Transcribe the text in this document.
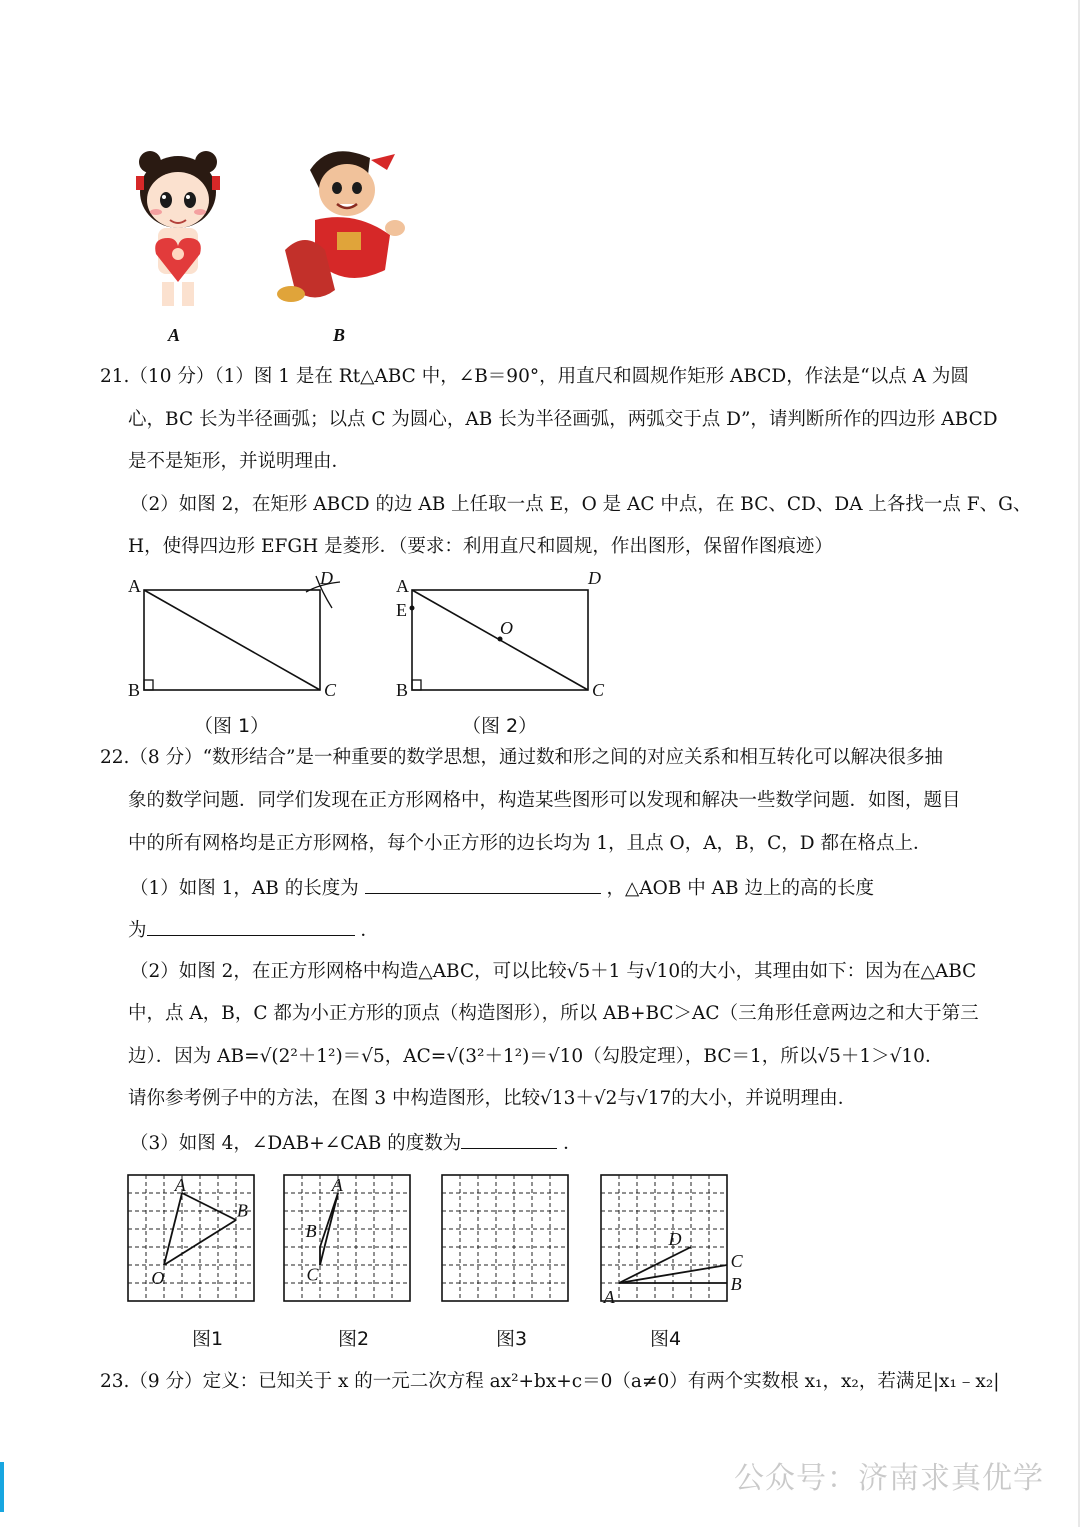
A	B
21.（10 分）（1）图 1 是在 Rt△ABC 中，∠B＝90°，用直尺和圆规作矩形 ABCD，作法是“以点 A 为圆
心，BC 长为半径画弧；以点 C 为圆心，AB 长为半径画弧，两弧交于点 D”，请判断所作的四边形 ABCD
是不是矩形，并说明理由．
（2）如图 2，在矩形 ABCD 的边 AB 上任取一点 E，O 是 AC 中点，在 BC、CD、DA 上各找一点 F、G、
H，使得四边形 EFGH 是菱形．（要求：利用直尺和圆规，作出图形，保留作图痕迹）
A
B	C
D
（图 1）
A
B	C
D
E
O
（图 2）
22.（8 分）“数形结合”是一种重要的数学思想，通过数和形之间的对应关系和相互转化可以解决很多抽
象的数学问题．同学们发现在正方形网格中，构造某些图形可以发现和解决一些数学问题．如图，题目
中的所有网格均是正方形网格，每个小正方形的边长均为 1，且点 O，A，B，C，D 都在格点上．
（1）如图 1，AB 的长度为	，△AOB 中 AB 边上的高的长度
为	．
（2）如图 2，在正方形网格中构造△ABC，可以比较√5＋1 与√10的大小，其理由如下：因为在△ABC
中，点 A，B，C 都为小正方形的顶点（构造图形），所以 AB+BC＞AC（三角形任意两边之和大于第三
边）．因为 AB=√(2²＋1²)＝√5，AC=√(3²＋1²)＝√10（勾股定理），BC＝1，所以√5＋1＞√10．
请你参考例子中的方法，在图 3 中构造图形，比较√13＋√2与√17的大小，并说明理由．
（3）如图 4，∠DAB+∠CAB 的度数为	．
A
B
O
A
B
C
D
C
B
A
图1	图2	图3	图4
23.（9 分）定义：已知关于 x 的一元二次方程 ax²+bx+c＝0（a≠0）有两个实数根 x₁，x₂，若满足|x₁﹣x₂|
公众号：济南求真优学
